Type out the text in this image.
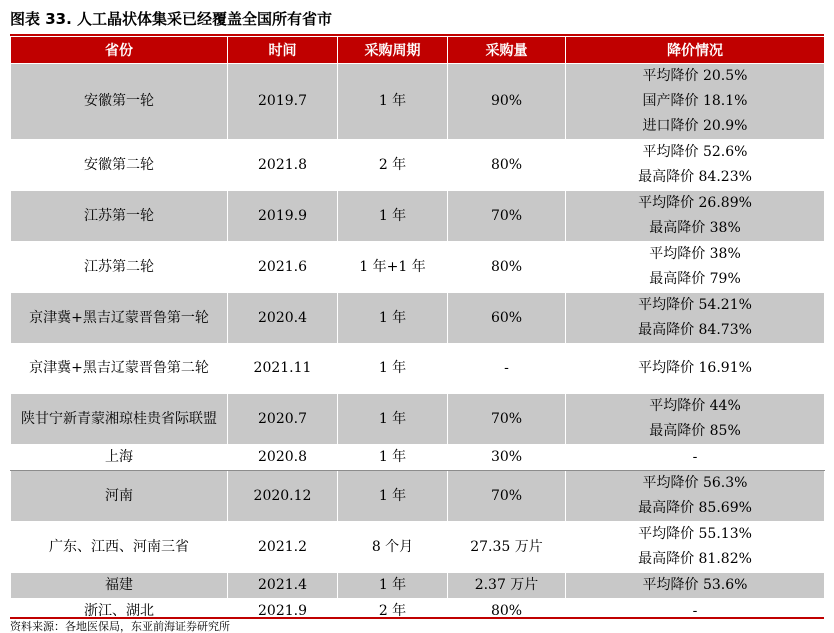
图表 33. 人工晶状体集采已经覆盖全国所有省市
省份	时间	采购周期	采购量	降价情况
安徽第一轮	2019.7	1 年	90%	平均降价 20.5%
国产降价 18.1%
进口降价 20.9%

安徽第二轮	2021.8	2 年	80%	平均降价 52.6%
最高降价 84.23%

江苏第一轮	2019.9	1 年	70%	平均降价 26.89%
最高降价 38%

江苏第二轮	2021.6	1 年+1 年	80%	平均降价 38%
最高降价 79%

京津冀+黑吉辽蒙晋鲁第一轮	2020.4	1 年	60%	平均降价 54.21%
最高降价 84.73%

京津冀+黑吉辽蒙晋鲁第二轮	2021.11	1 年	-	平均降价 16.91%

陕甘宁新青蒙湘琼桂贵省际联盟	2020.7	1 年	70%	平均降价 44%
最高降价 85%

上海	2020.8	1 年	30%	-

河南	2020.12	1 年	70%	平均降价 56.3%
最高降价 85.69%

广东、江西、河南三省	2021.2	8 个月	27.35 万片	平均降价 55.13%
最高降价 81.82%

福建	2021.4	1 年	2.37 万片	平均降价 53.6%

浙江、湖北	2021.9	2 年	80%	-
资料来源：各地医保局，东亚前海证券研究所
